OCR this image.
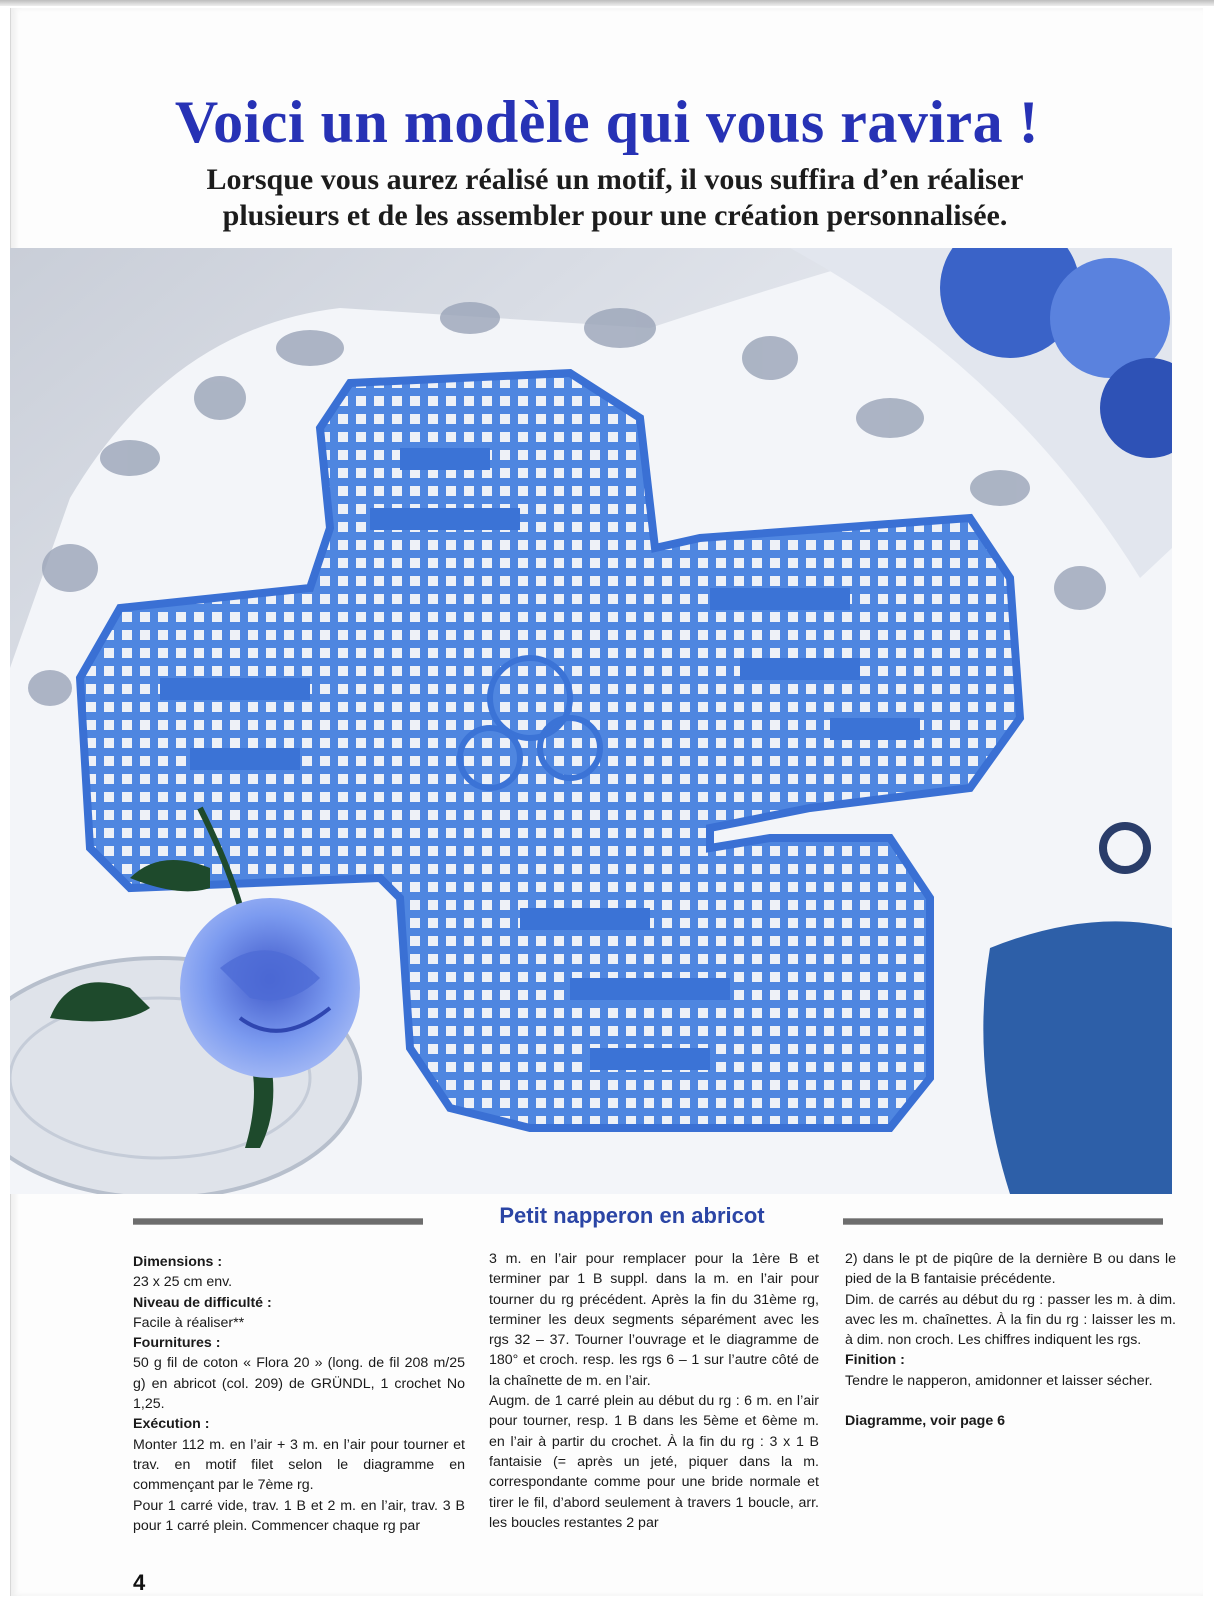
Voici un modèle qui vous ravira !

Lorsque vous aurez réalisé un motif, il vous suffira d’en réaliser
plusieurs et de les assembler pour une création personnalisée.

Petit napperon en abricot
Dimensions :

23 x 25 cm env.

Niveau de difficulté :

Facile à réaliser**

Fournitures :

50 g fil de coton « Flora 20 » (long. de fil 208 m/25 g) en abricot (col. 209) de GRÜNDL, 1 crochet No 1,25.

Exécution :

Monter 112 m. en l’air + 3 m. en l’air pour tourner et trav. en motif filet selon le diagramme en commençant par le 7ème rg.

Pour 1 carré vide, trav. 1 B et 2 m. en l’air, trav. 3 B pour 1 carré plein. Commencer chaque rg par

3 m. en l’air pour remplacer pour la 1ère B et terminer par 1 B suppl. dans la m. en l’air pour tourner du rg précédent. Après la fin du 31ème rg, terminer les deux segments séparément avec les rgs 32 – 37. Tourner l’ouvrage et le diagramme de 180° et croch. resp. les rgs 6 – 1 sur l’autre côté de la chaînette de m. en l’air.

Augm. de 1 carré plein au début du rg : 6 m. en l’air pour tourner, resp. 1 B dans les 5ème et 6ème m. en l’air à partir du crochet. À la fin du rg : 3 x 1 B fantaisie (= après un jeté, piquer dans la m. correspondante comme pour une bride normale et tirer le fil, d’abord seulement à travers 1 boucle, arr. les boucles restantes 2 par

2) dans le pt de piqûre de la dernière B ou dans le pied de la B fantaisie précédente.

Dim. de carrés au début du rg : passer les m. à dim. avec les m. chaînettes. À la fin du rg : laisser les m. à dim. non croch. Les chiffres indiquent les rgs.

Finition :

Tendre le napperon, amidonner et laisser sécher.

Diagramme, voir page 6

4
